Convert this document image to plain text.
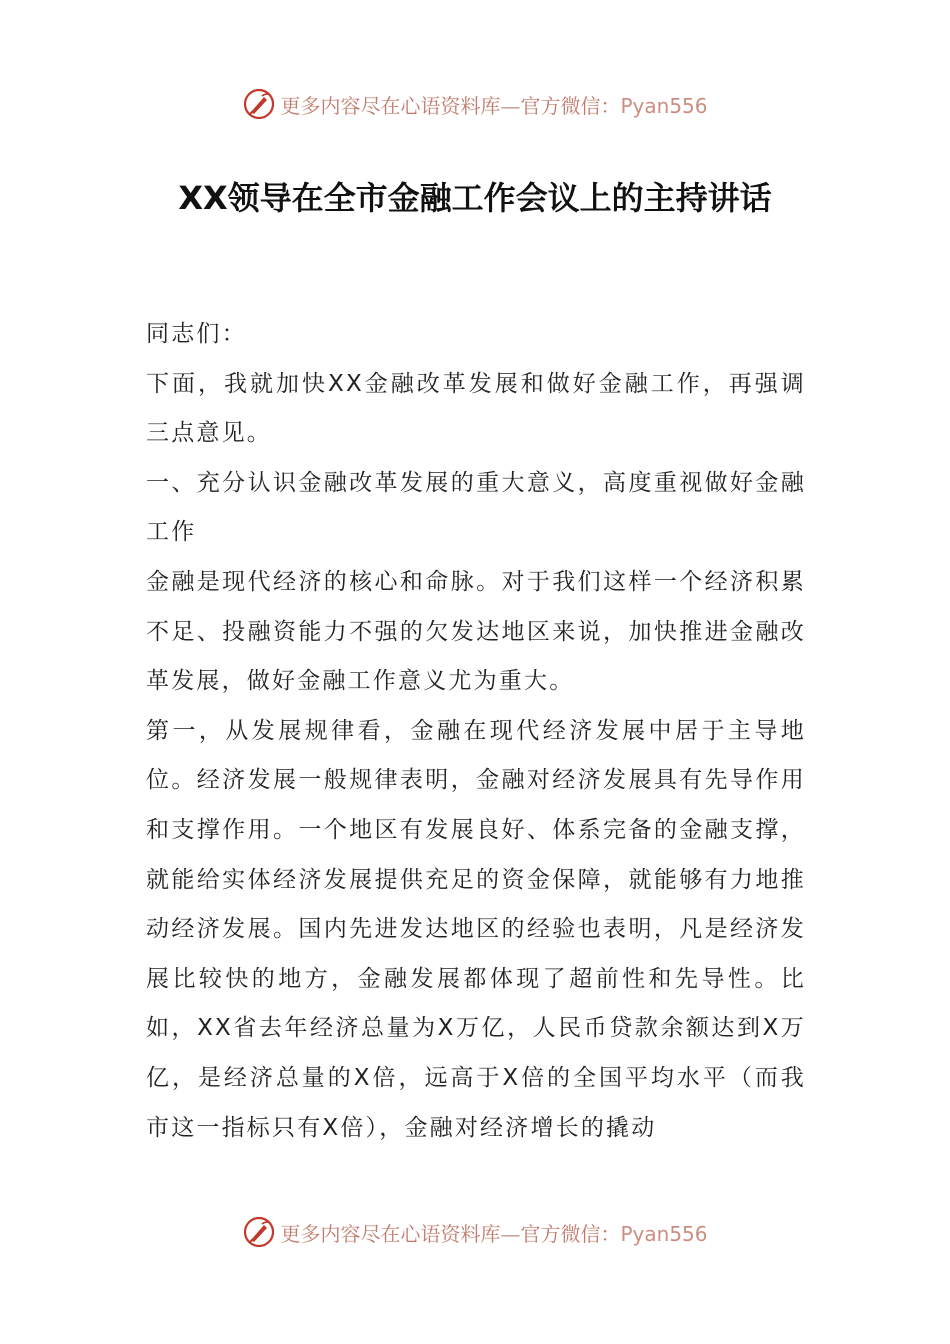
更多内容尽在心语资料库—官方微信：Pyan556
XX领导在全市金融工作会议上的主持讲话

同志们：

下面，我就加快XX金融改革发展和做好金融工作，再强调三点意见。

一、充分认识金融改革发展的重大意义，高度重视做好金融工作

金融是现代经济的核心和命脉。对于我们这样一个经济积累不足、投融资能力不强的欠发达地区来说，加快推进金融改革发展，做好金融工作意义尤为重大。

第一，从发展规律看，金融在现代经济发展中居于主导地位。经济发展一般规律表明，金融对经济发展具有先导作用和支撑作用。一个地区有发展良好、体系完备的金融支撑，就能给实体经济发展提供充足的资金保障，就能够有力地推动经济发展。国内先进发达地区的经验也表明，凡是经济发展比较快的地方，金融发展都体现了超前性和先导性。比如，XX省去年经济总量为X万亿，人民币贷款余额达到X万亿，是经济总量的X倍，远高于X倍的全国平均水平（而我市这一指标只有X倍），金融对经济增长的撬动

更多内容尽在心语资料库—官方微信：Pyan556
